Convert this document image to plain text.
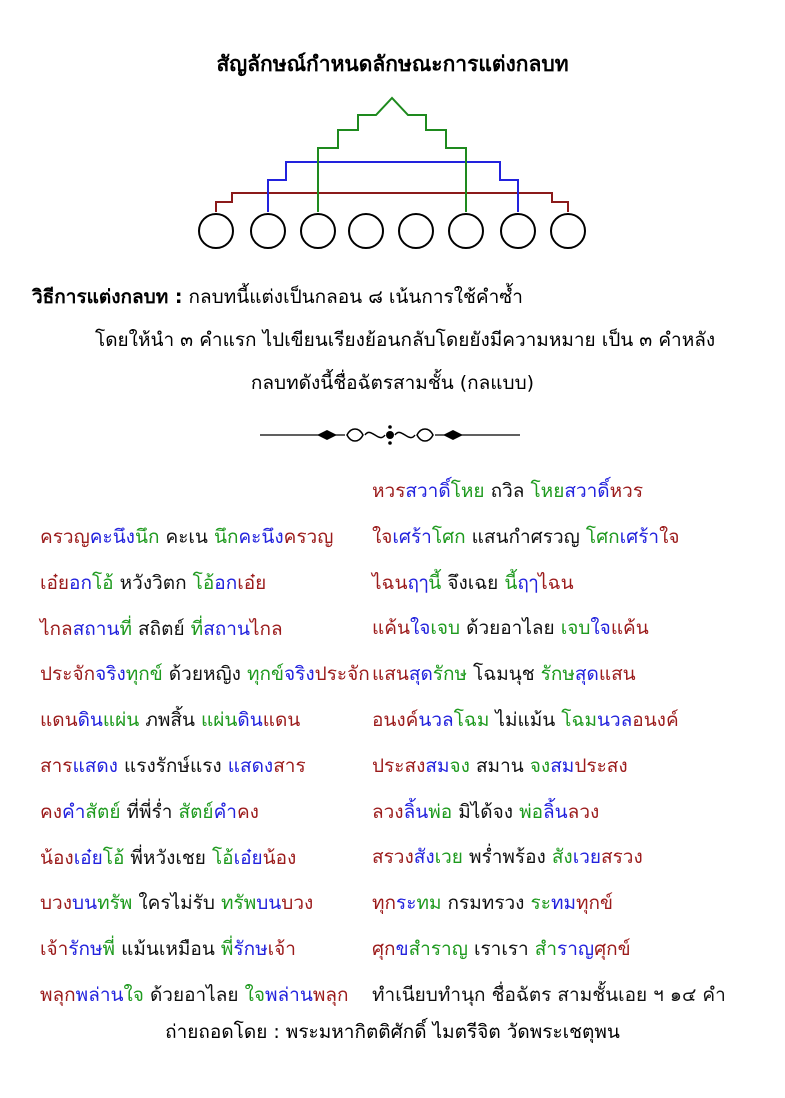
สัญลักษณ์กำหนดลักษณะการแต่งกลบท
วิธีการแต่งกลบท : กลบทนี้แต่งเป็นกลอน ๘ เน้นการใช้คำซ้ำ
โดยให้นำ ๓ คำแรก ไปเขียนเรียงย้อนกลับโดยยังมีความหมาย เป็น ๓ คำหลัง
กลบทดังนี้ชื่อฉัตรสามชั้น (กลแบบ)
ครวญคะนึงนึก คะเน นึกคะนึงครวญ
เอ๋ยอกโอ้ หวังวิตก โอ้อกเอ๋ย
ไกลสถานที่ สถิตย์ ที่สถานไกล
ประจักจริงทุกข์ ด้วยหญิง ทุกข์จริงประจัก
แดนดินแผ่น ภพสิ้น แผ่นดินแดน
สารแสดง แรงรักษ์แรง แสดงสาร
คงคำสัตย์ ที่พี่ร่ำ สัตย์คำคง
น้องเอ๋ยโอ้ พี่หวังเชย โอ้เอ๋ยน้อง
บวงบนทรัพ ใครไม่รับ ทรัพบนบวง
เจ้ารักษพี่ แม้นเหมือน พี่รักษเจ้า
พลุกพล่านใจ ด้วยอาไลย ใจพล่านพลุก
หวรสวาดิ์โหย ถวิล โหยสวาดิ์หวร
ใจเศร้าโศก แสนกำศรวญ โศกเศร้าใจ
ไฉนฤๅนี้ จึงเฉย นี้ฤๅไฉน
แค้นใจเจบ ด้วยอาไลย เจบใจแค้น
แสนสุดรักษ โฉมนุช รักษสุดแสน
อนงค์นวลโฉม ไม่แม้น โฉมนวลอนงค์
ประสงสมจง สมาน จงสมประสง
ลวงลิ้นพ่อ มิได้จง พ่อลิ้นลวง
สรวงสังเวย พร่ำพร้อง สังเวยสรวง
ทุกระทม กรมทรวง ระทมทุกข์
ศุกขสำราญ เราเรา สำราญศุกข์
ทำเนียบทำนุก ชื่อฉัตร สามชั้นเอย ฯ ๑๔ คำ
ถ่ายถอดโดย : พระมหากิตติศักดิ์ ไมตรีจิต วัดพระเชตุพน
